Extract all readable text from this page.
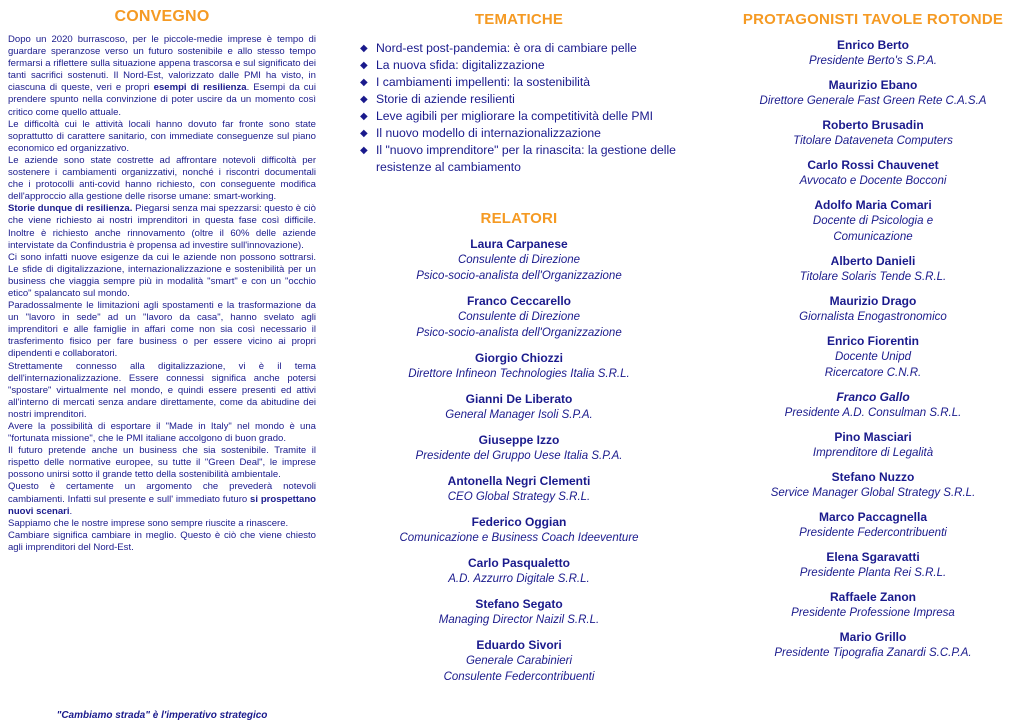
CONVEGNO

Dopo un 2020 burrascoso, per le piccole-medie imprese è tempo di guardare speranzose verso un futuro sostenibile e allo stesso tempo fermarsi a riflettere sulla situazione appena trascorsa e sul significato dei tanti sacrifici sostenuti. Il Nord-Est, valorizzato dalle PMI ha visto, in ciascuna di queste, veri e propri esempi di resilienza. Esempi da cui prendere spunto nella convinzione di poter uscire da un momento così critico come quello attuale.

Le difficoltà cui le attività locali hanno dovuto far fronte sono state soprattutto di carattere sanitario, con immediate conseguenze sul piano economico ed organizzativo.

Le aziende sono state costrette ad affrontare notevoli difficoltà per sostenere i cambiamenti organizzativi, nonché i riscontri documentali che i protocolli anti-covid hanno richiesto, con conseguente modifica dell'approccio alla gestione delle risorse umane: smart-working.

Storie dunque di resilienza. Piegarsi senza mai spezzarsi: questo è ciò che viene richiesto ai nostri imprenditori in questa fase così difficile. Inoltre è richiesto anche rinnovamento (oltre il 60% delle aziende intervistate da Confindustria è propensa ad investire sull'innovazione).

Ci sono infatti nuove esigenze da cui le aziende non possono sottrarsi. Le sfide di digitalizzazione, internazionalizzazione e sostenibilità per un business che viaggia sempre più in modalità "smart" e con un "occhio etico" spalancato sul mondo.

Paradossalmente le limitazioni agli spostamenti e la trasformazione da un "lavoro in sede" ad un "lavoro da casa", hanno svelato agli imprenditori e alle famiglie in affari come non sia così necessario il trasferimento fisico per fare business o per essere vicino ai propri dipendenti e collaboratori.

Strettamente connesso alla digitalizzazione, vi è il tema dell'internazionalizzazione. Essere connessi significa anche potersi "spostare" virtualmente nel mondo, e quindi essere presenti ed attivi all'interno di mercati senza andare direttamente, come da abitudine dei nostri imprenditori.

Avere la possibilità di esportare il "Made in Italy" nel mondo è una "fortunata missione", che le PMI italiane accolgono di buon grado.

Il futuro pretende anche un business che sia sostenibile. Tramite il rispetto delle normative europee, su tutte il "Green Deal", le imprese possono unirsi sotto il grande tetto della sostenibilità ambientale.

Questo è certamente un argomento che prevederà notevoli cambiamenti. Infatti sul presente e sull' immediato futuro si prospettano nuovi scenari.

Sappiamo che le nostre imprese sono sempre riuscite a rinascere.

Cambiare significa cambiare in meglio. Questo è ciò che viene chiesto agli imprenditori del Nord-Est.

"Cambiamo strada" è l'imperativo strategico
TEMATICHE
◆ Nord-est post-pandemia: è ora di cambiare pelle
◆ La nuova sfida: digitalizzazione
◆ I cambiamenti impellenti: la sostenibilità
◆ Storie di aziende resilienti
◆ Leve agibili per migliorare la competitività delle PMI
◆ Il nuovo modello di internazionalizzazione
◆ Il "nuovo imprenditore" per la rinascita: la gestione delle resistenze al cambiamento
RELATORI
Laura Carpanese
Consulente di Direzione
Psico-socio-analista dell'Organizzazione
Franco Ceccarello
Consulente di Direzione
Psico-socio-analista dell'Organizzazione
Giorgio Chiozzi
Direttore Infineon Technologies Italia S.R.L.
Gianni De Liberato
General Manager Isoli S.P.A.
Giuseppe Izzo
Presidente del Gruppo Uese Italia S.P.A.
Antonella Negri Clementi
CEO Global Strategy S.R.L.
Federico Oggian
Comunicazione e Business Coach Ideeventure
Carlo Pasqualetto
A.D. Azzurro Digitale S.R.L.
Stefano Segato
Managing Director Naizil S.R.L.
Eduardo Sivori
Generale Carabinieri
Consulente Federcontribuenti
PROTAGONISTI TAVOLE ROTONDE
Enrico Berto
Presidente Berto's S.P.A.
Maurizio Ebano
Direttore Generale Fast Green Rete C.A.S.A
Roberto Brusadin
Titolare Dataveneta Computers
Carlo Rossi Chauvenet
Avvocato e Docente Bocconi
Adolfo Maria Comari
Docente di Psicologia e
Comunicazione
Alberto Danieli
Titolare Solaris Tende S.R.L.
Maurizio Drago
Giornalista Enogastronomico
Enrico Fiorentin
Docente Unipd
Ricercatore C.N.R.
Franco Gallo
Presidente A.D. Consulman S.R.L.
Pino Masciari
Imprenditore di Legalità
Stefano Nuzzo
Service Manager Global Strategy S.R.L.
Marco Paccagnella
Presidente Federcontribuenti
Elena Sgaravatti
Presidente Planta Rei S.R.L.
Raffaele Zanon
Presidente Professione Impresa
Mario Grillo
Presidente Tipografia Zanardi S.C.P.A.
